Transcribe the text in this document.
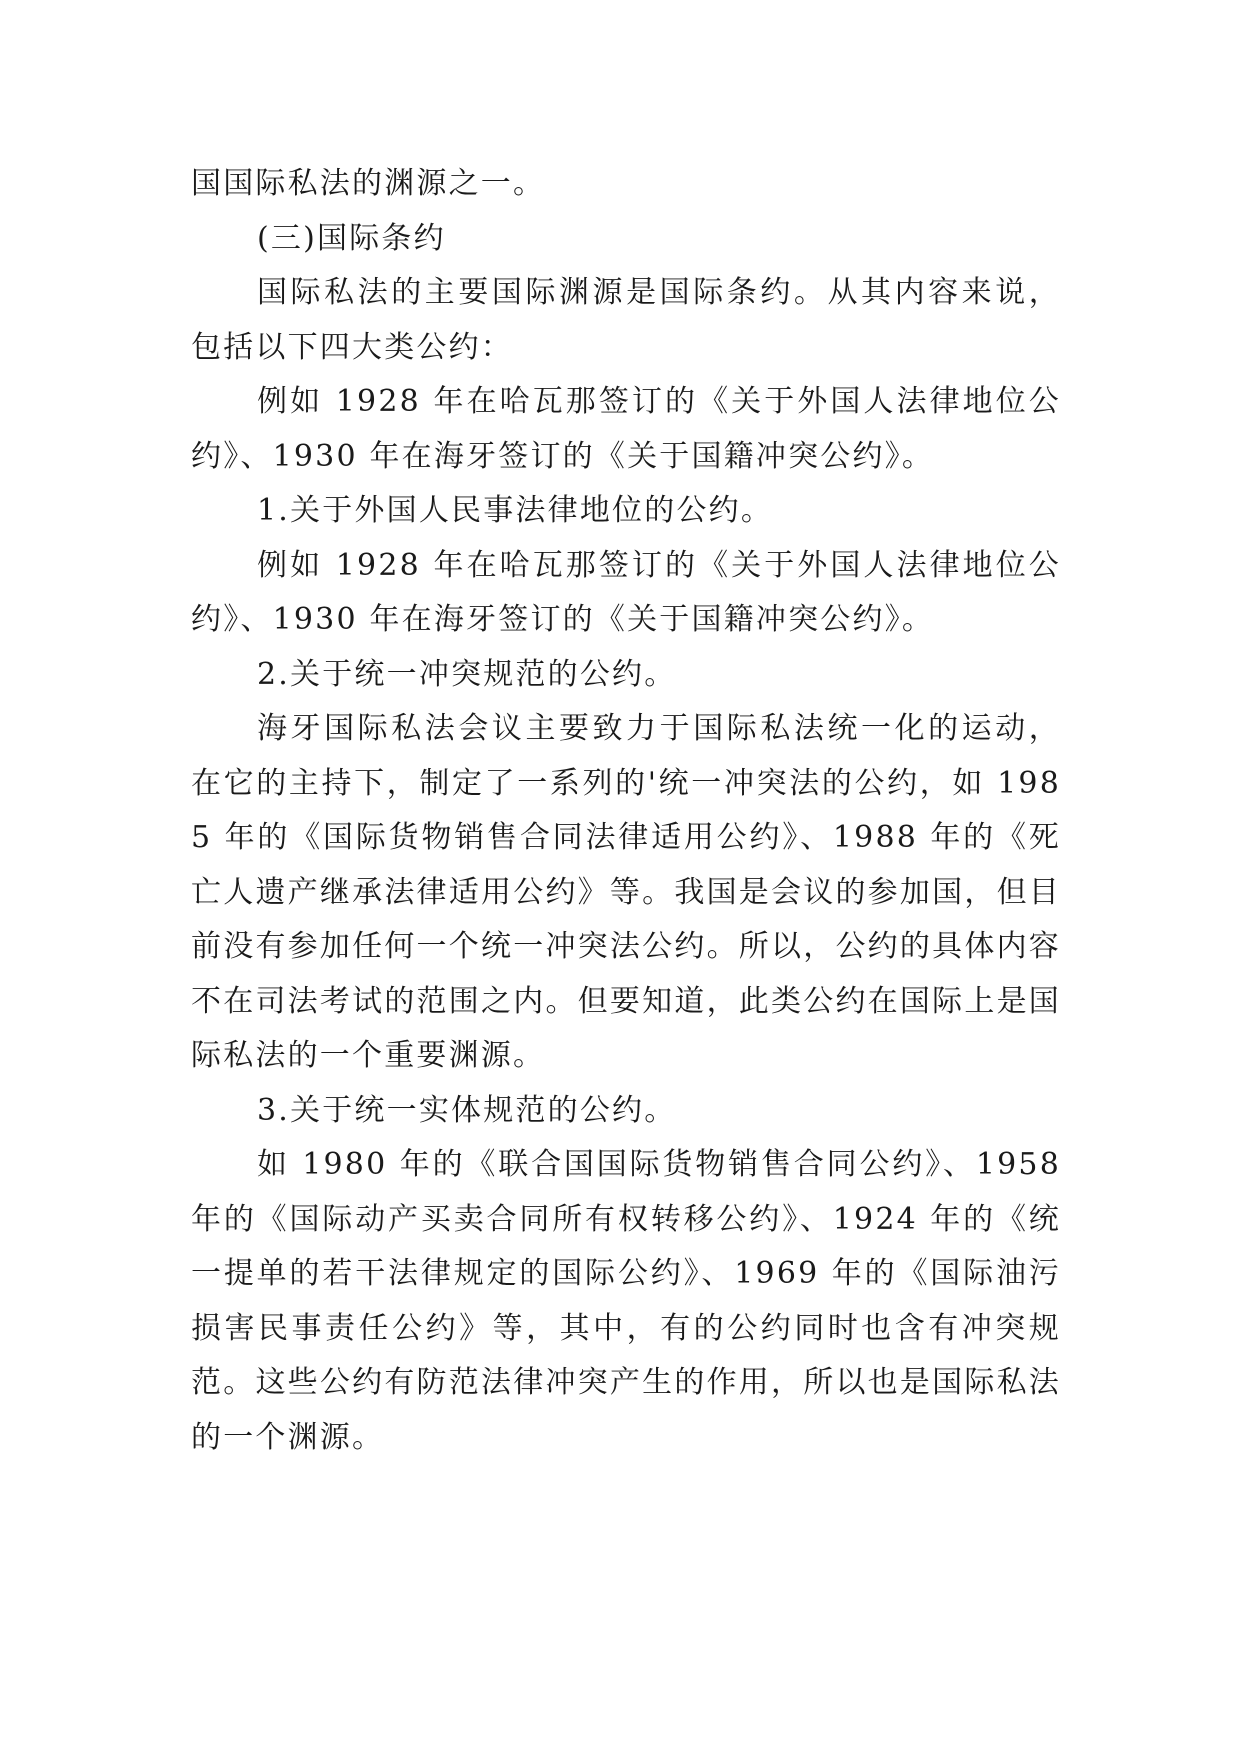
国国际私法的渊源之一。

(三)国际条约

国际私法的主要国际渊源是国际条约。从其内容来说，包括以下四大类公约：

例如 1928 年在哈瓦那签订的《关于外国人法律地位公约》、1930 年在海牙签订的《关于国籍冲突公约》。

1.关于外国人民事法律地位的公约。

例如 1928 年在哈瓦那签订的《关于外国人法律地位公约》、1930 年在海牙签订的《关于国籍冲突公约》。

2.关于统一冲突规范的公约。

海牙国际私法会议主要致力于国际私法统一化的运动，在它的主持下，制定了一系列的'统一冲突法的公约，如 1985 年的《国际货物销售合同法律适用公约》、1988 年的《死亡人遗产继承法律适用公约》等。我国是会议的参加国，但目前没有参加任何一个统一冲突法公约。所以，公约的具体内容不在司法考试的范围之内。但要知道，此类公约在国际上是国际私法的一个重要渊源。

3.关于统一实体规范的公约。

如 1980 年的《联合国国际货物销售合同公约》、1958 年的《国际动产买卖合同所有权转移公约》、1924 年的《统一提单的若干法律规定的国际公约》、1969 年的《国际油污损害民事责任公约》等，其中，有的公约同时也含有冲突规范。这些公约有防范法律冲突产生的作用，所以也是国际私法的一个渊源。
